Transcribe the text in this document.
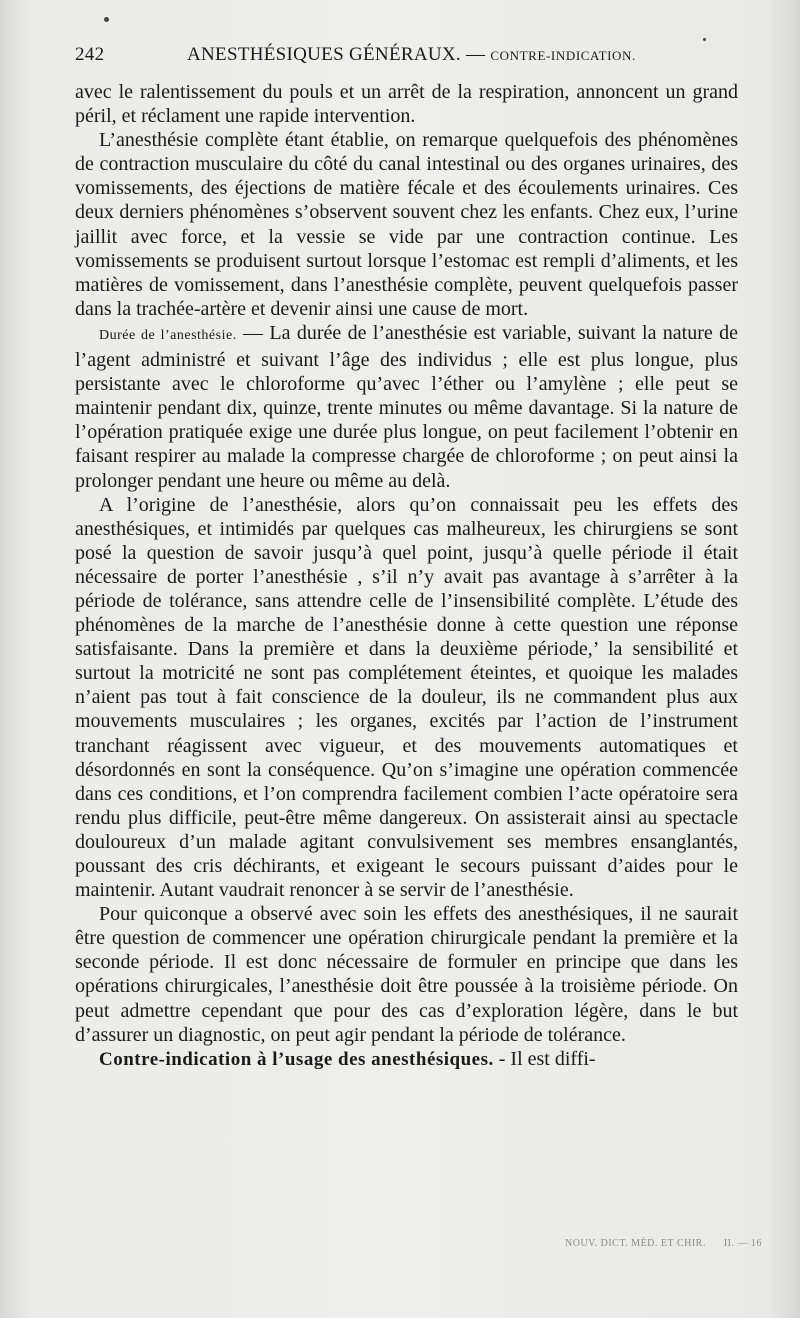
242	ANESTHÉSIQUES GÉNÉRAUX. — CONTRE-INDICATION.

avec le ralentissement du pouls et un arrêt de la respiration, annoncent un grand péril, et réclament une rapide intervention.

L’anesthésie complète étant établie, on remarque quelquefois des phénomènes de contraction musculaire du côté du canal intestinal ou des organes urinaires, des vomissements, des éjections de matière fécale et des écoulements urinaires. Ces deux derniers phénomènes s’observent souvent chez les enfants. Chez eux, l’urine jaillit avec force, et la vessie se vide par une contraction continue. Les vomissements se produisent surtout lorsque l’estomac est rempli d’aliments, et les matières de vomissement, dans l’anesthésie complète, peuvent quelquefois passer dans la trachée-artère et devenir ainsi une cause de mort.

Durée de l’anesthésie. — La durée de l’anesthésie est variable, suivant la nature de l’agent administré et suivant l’âge des individus ; elle est plus longue, plus persistante avec le chloroforme qu’avec l’éther ou l’amylène ; elle peut se maintenir pendant dix, quinze, trente minutes ou même davantage. Si la nature de l’opération pratiquée exige une durée plus longue, on peut facilement l’obtenir en faisant respirer au malade la compresse chargée de chloroforme ; on peut ainsi la prolonger pendant une heure ou même au delà.

A l’origine de l’anesthésie, alors qu’on connaissait peu les effets des anesthésiques, et intimidés par quelques cas malheureux, les chirurgiens se sont posé la question de savoir jusqu’à quel point, jusqu’à quelle période il était nécessaire de porter l’anesthésie , s’il n’y avait pas avantage à s’arrêter à la période de tolérance, sans attendre celle de l’insensibilité complète. L’étude des phénomènes de la marche de l’anesthésie donne à cette question une réponse satisfaisante. Dans la première et dans la deuxième période,’ la sensibilité et surtout la motricité ne sont pas complétement éteintes, et quoique les malades n’aient pas tout à fait conscience de la douleur, ils ne commandent plus aux mouvements musculaires ; les organes, excités par l’action de l’instrument tranchant réagissent avec vigueur, et des mouvements automatiques et désordonnés en sont la conséquence. Qu’on s’imagine une opération commencée dans ces conditions, et l’on comprendra facilement combien l’acte opératoire sera rendu plus difficile, peut-être même dangereux. On assisterait ainsi au spectacle douloureux d’un malade agitant convulsivement ses membres ensanglantés, poussant des cris déchirants, et exigeant le secours puissant d’aides pour le maintenir. Autant vaudrait renoncer à se servir de l’anesthésie.

Pour quiconque a observé avec soin les effets des anesthésiques, il ne saurait être question de commencer une opération chirurgicale pendant la première et la seconde période. Il est donc nécessaire de formuler en principe que dans les opérations chirurgicales, l’anesthésie doit être poussée à la troisième période. On peut admettre cependant que pour des cas d’exploration légère, dans le but d’assurer un diagnostic, on peut agir pendant la période de tolérance.

Contre-indication à l’usage des anesthésiques. - Il est diffi-

NOUV. DICT. MÉD. ET CHIR. II. — 16
